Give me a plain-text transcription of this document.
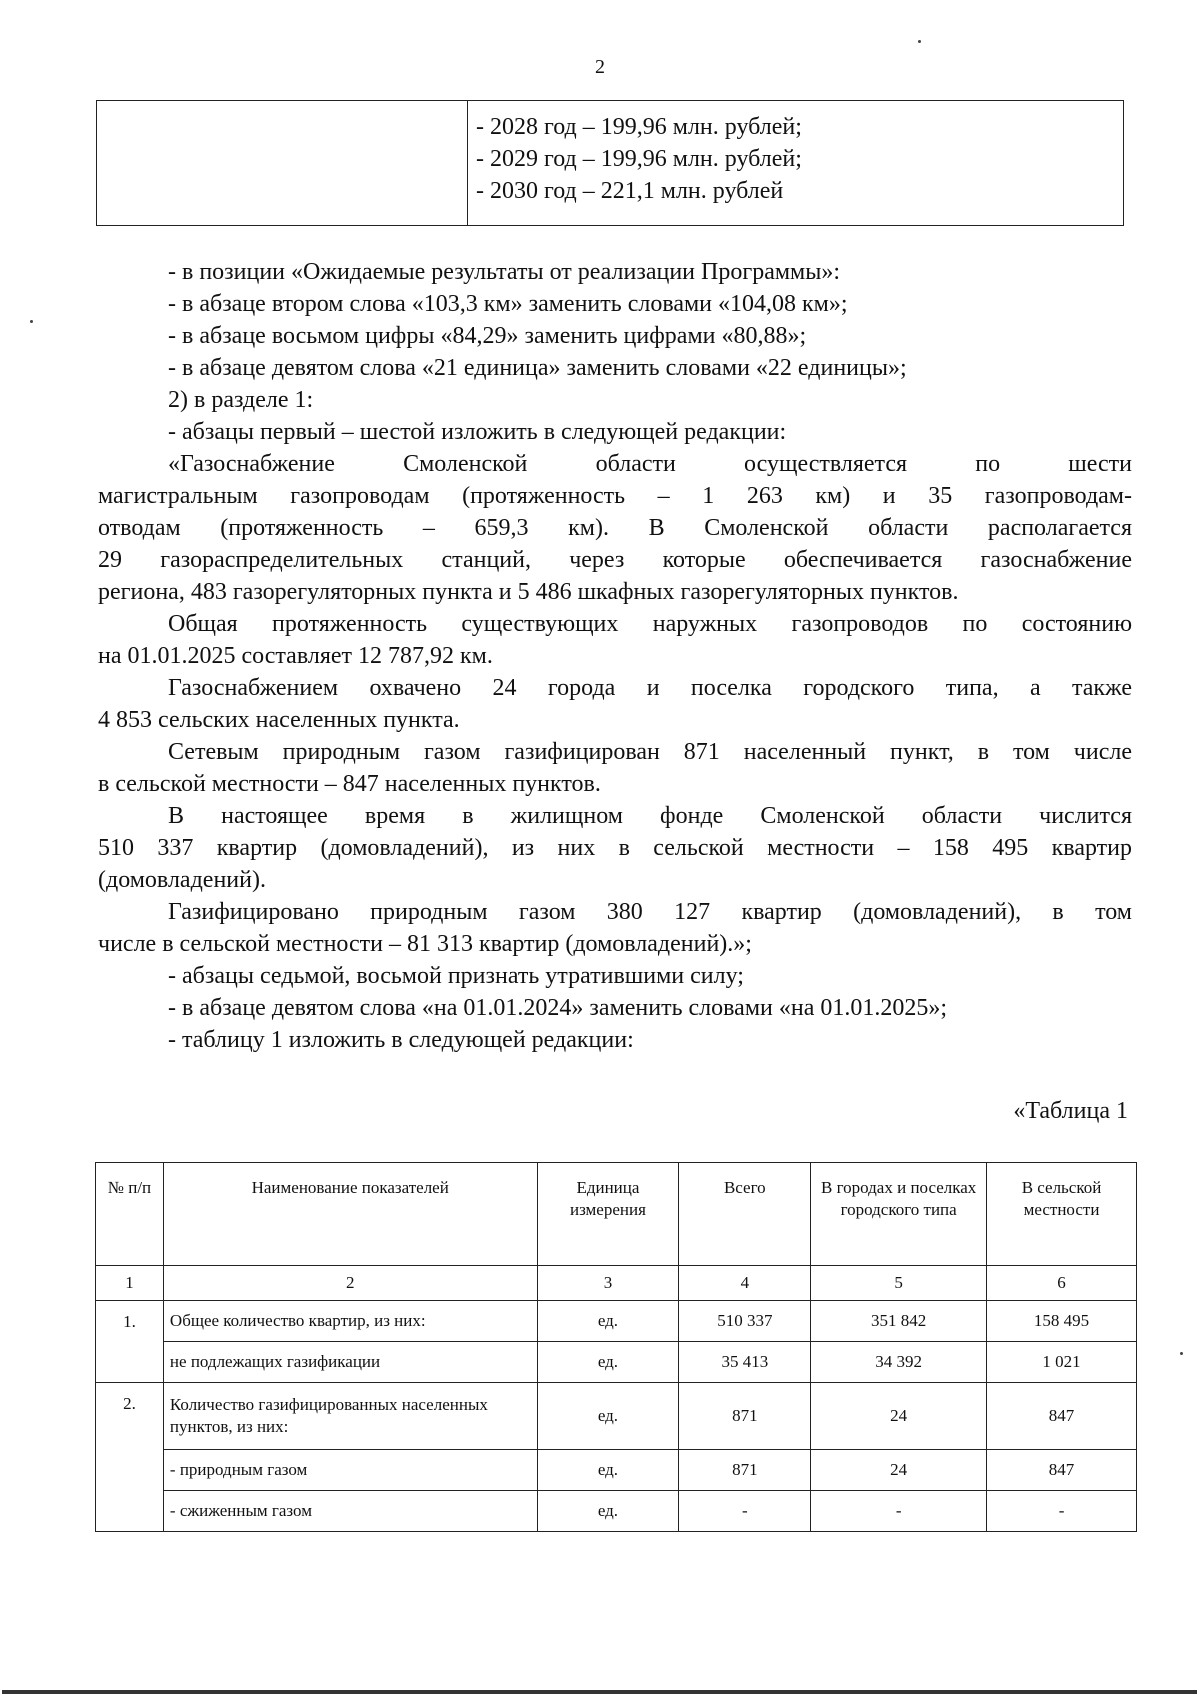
2
- 2028 год – 199,96 млн. рублей;
- 2029 год – 199,96 млн. рублей;
- 2030 год – 221,1 млн. рублей

- в позиции «Ожидаемые результаты от реализации Программы»:

- в абзаце втором слова «103,3 км» заменить словами «104,08 км»;

- в абзаце восьмом цифры «84,29» заменить цифрами «80,88»;

- в абзаце девятом слова «21 единица» заменить словами «22 единицы»;

2) в разделе 1:

- абзацы первый – шестой изложить в следующей редакции:

«Газоснабжение Смоленской области осуществляется по шести

магистральным газопроводам (протяженность – 1 263 км) и 35 газопроводам-

отводам (протяженность – 659,3 км). В Смоленской области располагается

29 газораспределительных станций, через которые обеспечивается газоснабжение

региона, 483 газорегуляторных пункта и 5 486 шкафных газорегуляторных пунктов.

Общая протяженность существующих наружных газопроводов по состоянию

на 01.01.2025 составляет 12 787,92 км.

Газоснабжением охвачено 24 города и поселка городского типа, а также

4 853 сельских населенных пункта.

Сетевым природным газом газифицирован 871 населенный пункт, в том числе

в сельской местности – 847 населенных пунктов.

В настоящее время в жилищном фонде Смоленской области числится

510 337 квартир (домовладений), из них в сельской местности – 158 495 квартир

(домовладений).

Газифицировано природным газом 380 127 квартир (домовладений), в том

числе в сельской местности – 81 313 квартир (домовладений).»;

- абзацы седьмой, восьмой признать утратившими силу;

- в абзаце девятом слова «на 01.01.2024» заменить словами «на 01.01.2025»;

- таблицу 1 изложить в следующей редакции:

«Таблица 1
№ п/п	Наименование показателей	Единица измерения	Всего	В городах и поселках городского типа	В сельской местности
1	2	3	4	5	6
1.	Общее количество квартир, из них:	ед.	510 337	351 842	158 495
	не подлежащих газификации	ед.	35 413	34 392	1 021
2.	Количество газифицированных населенных пунктов, из них:	ед.	871	24	847
	- природным газом	ед.	871	24	847
	- сжиженным газом	ед.	-	-	-
